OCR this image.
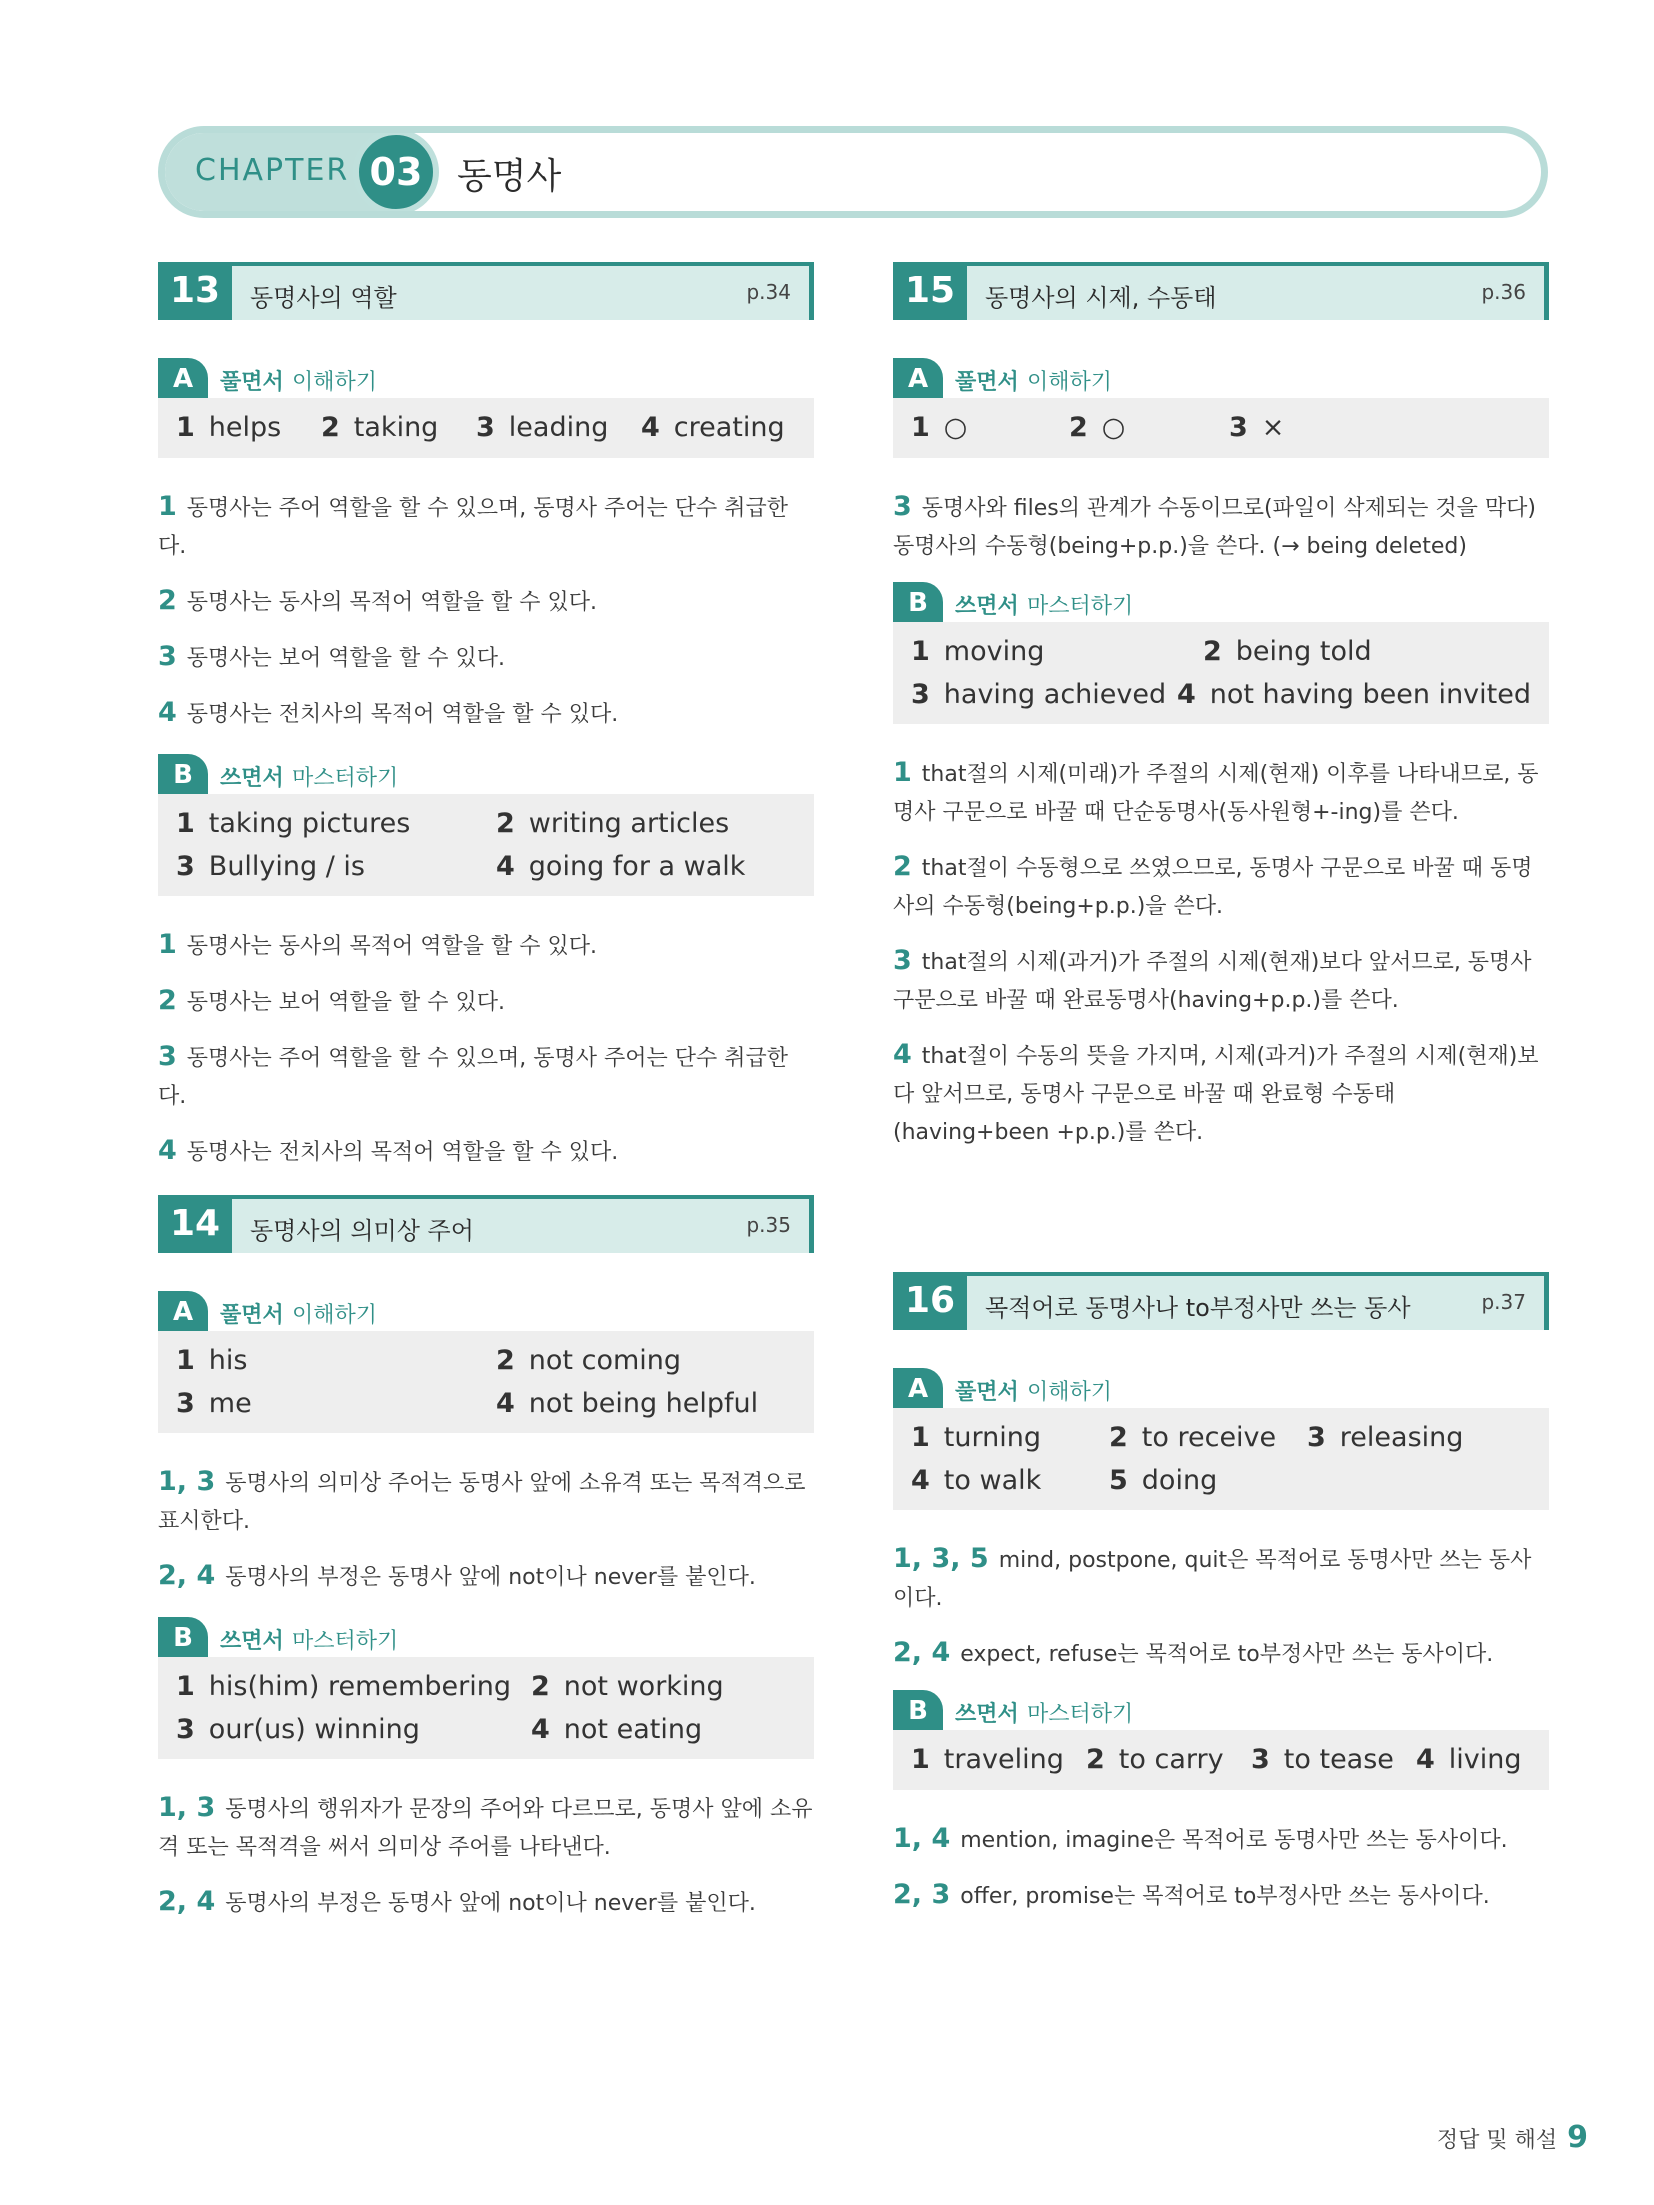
CHAPTER 03 동명사
13	동명사의 역할	p.34
A	풀면서 이해하기
1 helps 2 taking 3 leading 4 creating
1 동명사는 주어 역할을 할 수 있으며, 동명사 주어는 단수 취급한다.
2 동명사는 동사의 목적어 역할을 할 수 있다.
3 동명사는 보어 역할을 할 수 있다.
4 동명사는 전치사의 목적어 역할을 할 수 있다.
B	쓰면서 마스터하기
1 taking pictures	2 writing articles
3 Bullying / is	4 going for a walk
1 동명사는 동사의 목적어 역할을 할 수 있다.
2 동명사는 보어 역할을 할 수 있다.
3 동명사는 주어 역할을 할 수 있으며, 동명사 주어는 단수 취급한다.
4 동명사는 전치사의 목적어 역할을 할 수 있다.
14	동명사의 의미상 주어	p.35
A	풀면서 이해하기
1 his	2 not coming
3 me	4 not being helpful
1, 3 동명사의 의미상 주어는 동명사 앞에 소유격 또는 목적격으로 표시한다.
2, 4 동명사의 부정은 동명사 앞에 not이나 never를 붙인다.
B	쓰면서 마스터하기
1 his(him) remembering 2 not working
3 our(us) winning	4 not eating
1, 3 동명사의 행위자가 문장의 주어와 다르므로, 동명사 앞에 소유격 또는 목적격을 써서 의미상 주어를 나타낸다.
2, 4 동명사의 부정은 동명사 앞에 not이나 never를 붙인다.
15	동명사의 시제, 수동태	p.36
A	풀면서 이해하기
1 ○	2 ○	3 ×
3 동명사와 files의 관계가 수동이므로(파일이 삭제되는 것을 막다) 동명사의 수동형(being+p.p.)을 쓴다. (→ being deleted)
B	쓰면서 마스터하기
1 moving	2 being told
3 having achieved 4 not having been invited
1 that절의 시제(미래)가 주절의 시제(현재) 이후를 나타내므로, 동명사 구문으로 바꿀 때 단순동명사(동사원형+-ing)를 쓴다.
2 that절이 수동형으로 쓰였으므로, 동명사 구문으로 바꿀 때 동명사의 수동형(being+p.p.)을 쓴다.
3 that절의 시제(과거)가 주절의 시제(현재)보다 앞서므로, 동명사 구문으로 바꿀 때 완료동명사(having+p.p.)를 쓴다.
4 that절이 수동의 뜻을 가지며, 시제(과거)가 주절의 시제(현재)보다 앞서므로, 동명사 구문으로 바꿀 때 완료형 수동태(having+been +p.p.)를 쓴다.
16	목적어로 동명사나 to부정사만 쓰는 동사	p.37
A	풀면서 이해하기
1 turning	2 to receive 3 releasing
4 to walk	5 doing
1, 3, 5 mind, postpone, quit은 목적어로 동명사만 쓰는 동사이다.
2, 4 expect, refuse는 목적어로 to부정사만 쓰는 동사이다.
B	쓰면서 마스터하기
1 traveling 2 to carry 3 to tease 4 living
1, 4 mention, imagine은 목적어로 동명사만 쓰는 동사이다.
2, 3 offer, promise는 목적어로 to부정사만 쓰는 동사이다.
정답 및 해설 9
